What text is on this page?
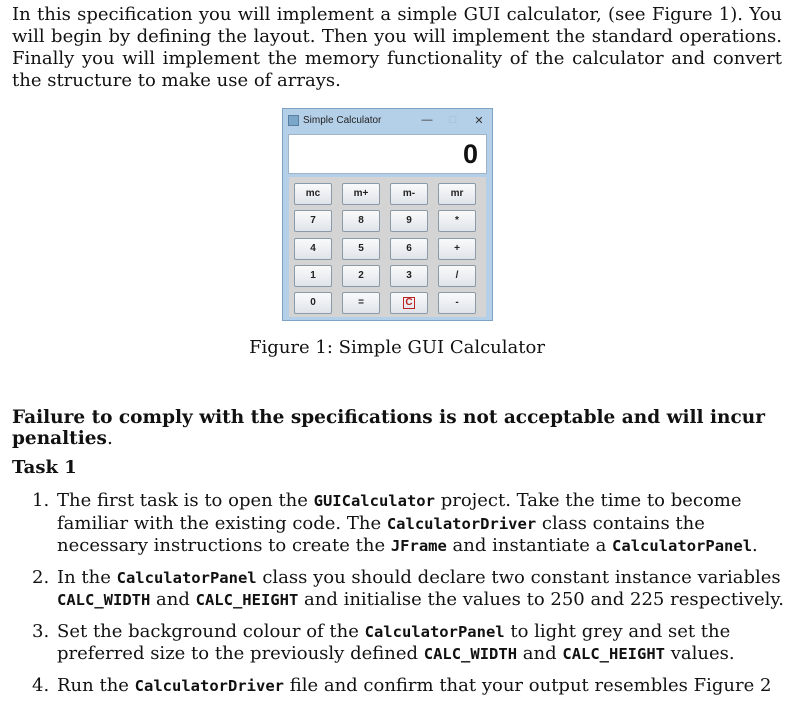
In this specification you will implement a simple GUI calculator, (see Figure 1). You will begin by defining the layout. Then you will implement the standard operations. Finally you will implement the memory functionality of the calculator and convert the structure to make use of arrays.

Simple Calculator	—	□	✕
0
mc	m+	m-	mr
7	8	9	*
4	5	6	+
1	2	3	/
0	=	C	-
Figure 1: Simple GUI Calculator

Failure to comply with the specifications is not acceptable and will incur penalties.

Task 1
1. The first task is to open the GUICalculator project. Take the time to become familiar with the existing code. The CalculatorDriver class contains the necessary instructions to create the JFrame and instantiate a CalculatorPanel.
2. In the CalculatorPanel class you should declare two constant instance variables CALC_WIDTH and CALC_HEIGHT and initialise the values to 250 and 225 respectively.
3. Set the background colour of the CalculatorPanel to light grey and set the preferred size to the previously defined CALC_WIDTH and CALC_HEIGHT values.
4. Run the CalculatorDriver file and confirm that your output resembles Figure 2
